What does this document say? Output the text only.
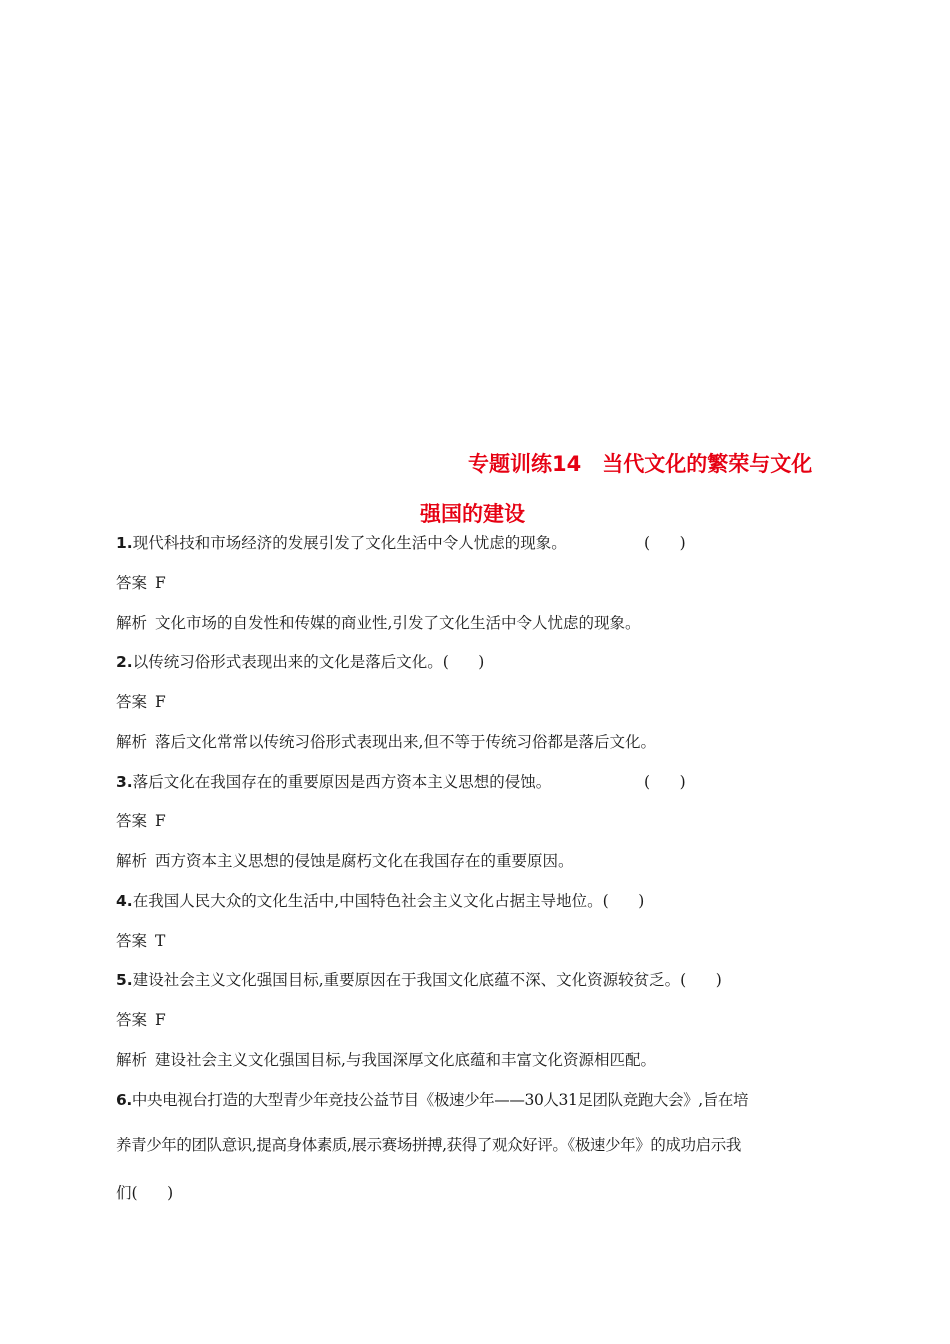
专题训练14　当代文化的繁荣与文化
强国的建设
1.现代科技和市场经济的发展引发了文化生活中令人忧虑的现象。	(      )
答案 F
解析 文化市场的自发性和传媒的商业性,引发了文化生活中令人忧虑的现象。
2.以传统习俗形式表现出来的文化是落后文化。(      )
答案 F
解析 落后文化常常以传统习俗形式表现出来,但不等于传统习俗都是落后文化。
3.落后文化在我国存在的重要原因是西方资本主义思想的侵蚀。	(      )
答案 F
解析 西方资本主义思想的侵蚀是腐朽文化在我国存在的重要原因。
4.在我国人民大众的文化生活中,中国特色社会主义文化占据主导地位。(      )
答案 T
5.建设社会主义文化强国目标,重要原因在于我国文化底蕴不深、文化资源较贫乏。(      )
答案 F
解析 建设社会主义文化强国目标,与我国深厚文化底蕴和丰富文化资源相匹配。
6.中央电视台打造的大型青少年竞技公益节目《极速少年——30人31足团队竞跑大会》,旨在培
养青少年的团队意识,提高身体素质,展示赛场拼搏,获得了观众好评。《极速少年》的成功启示我
们(      )
